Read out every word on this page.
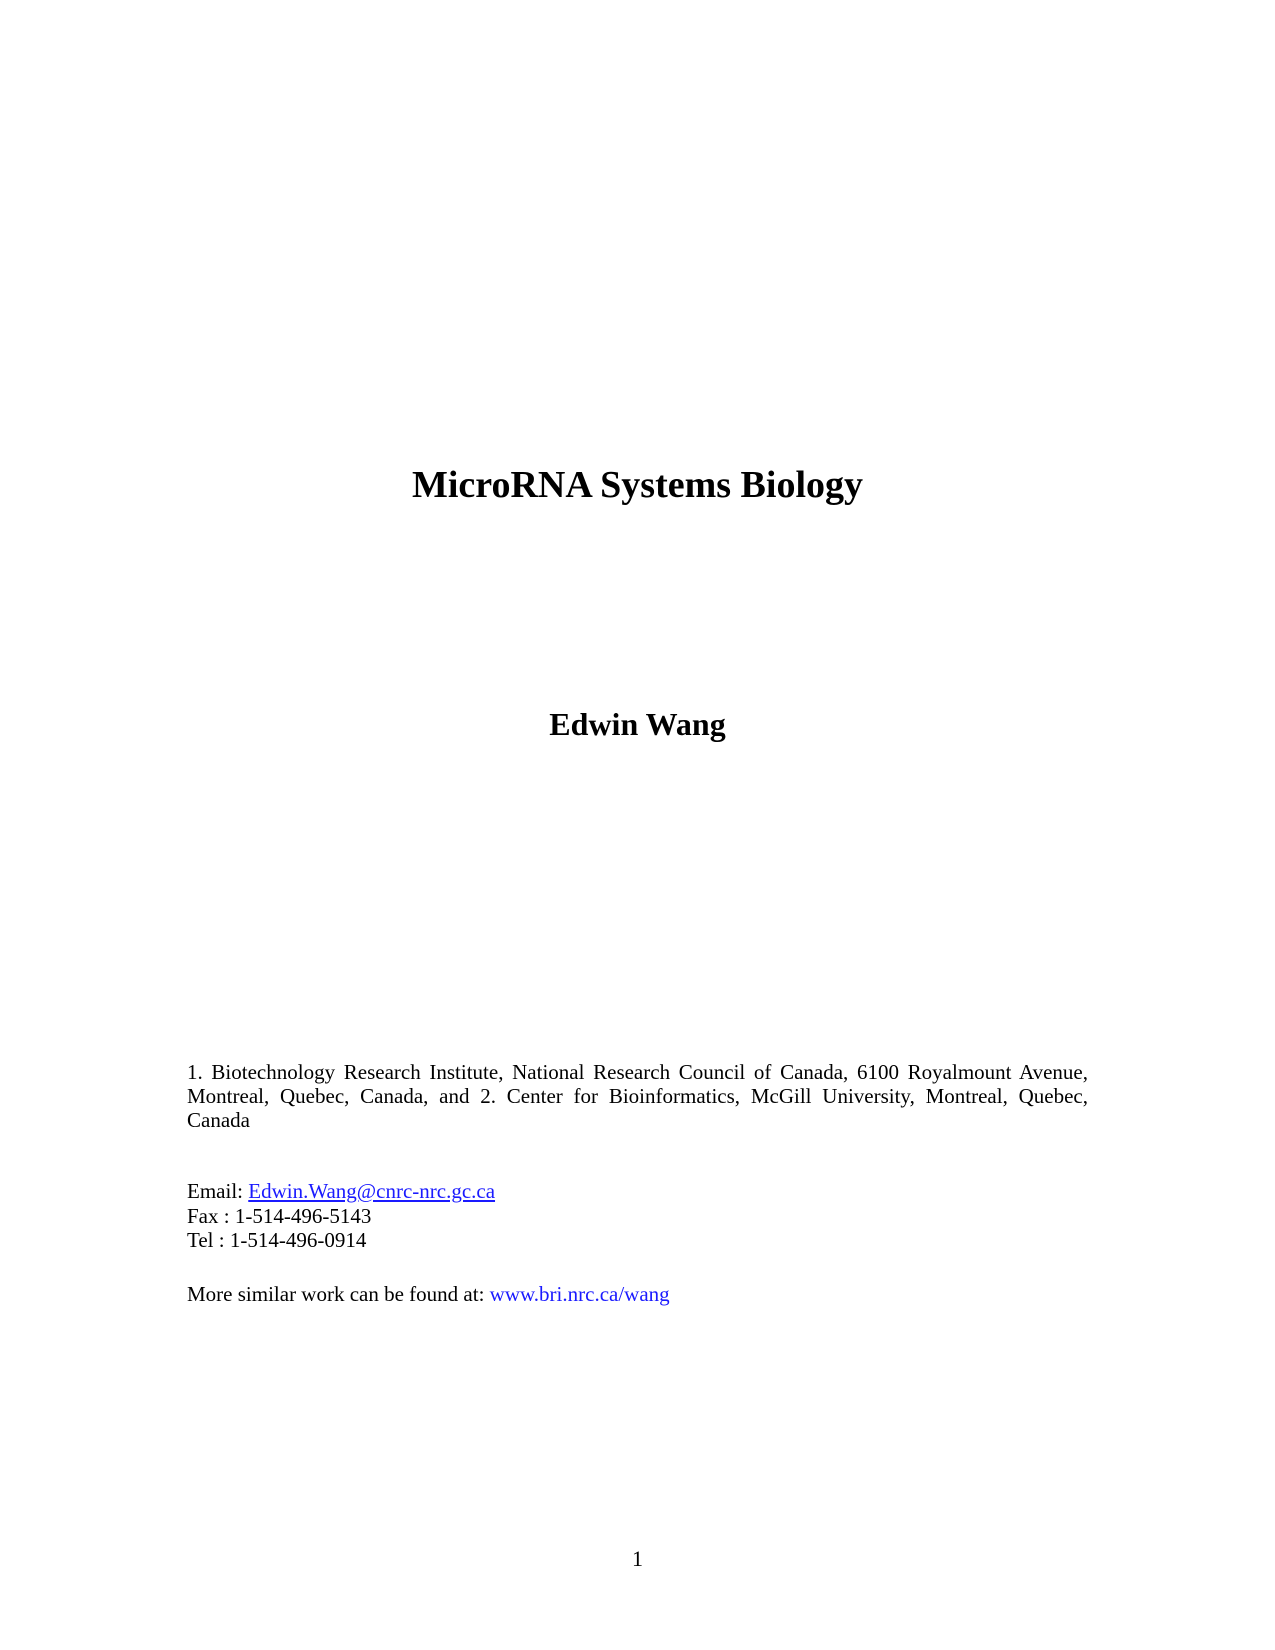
MicroRNA Systems Biology
Edwin Wang
1. Biotechnology Research Institute, National Research Council of Canada, 6100 Royalmount Avenue, Montreal, Quebec, Canada, and 2. Center for Bioinformatics, McGill University, Montreal, Quebec, Canada
Email: Edwin.Wang@cnrc-nrc.gc.ca
Fax : 1-514-496-5143
Tel : 1-514-496-0914
More similar work can be found at: www.bri.nrc.ca/wang
1
